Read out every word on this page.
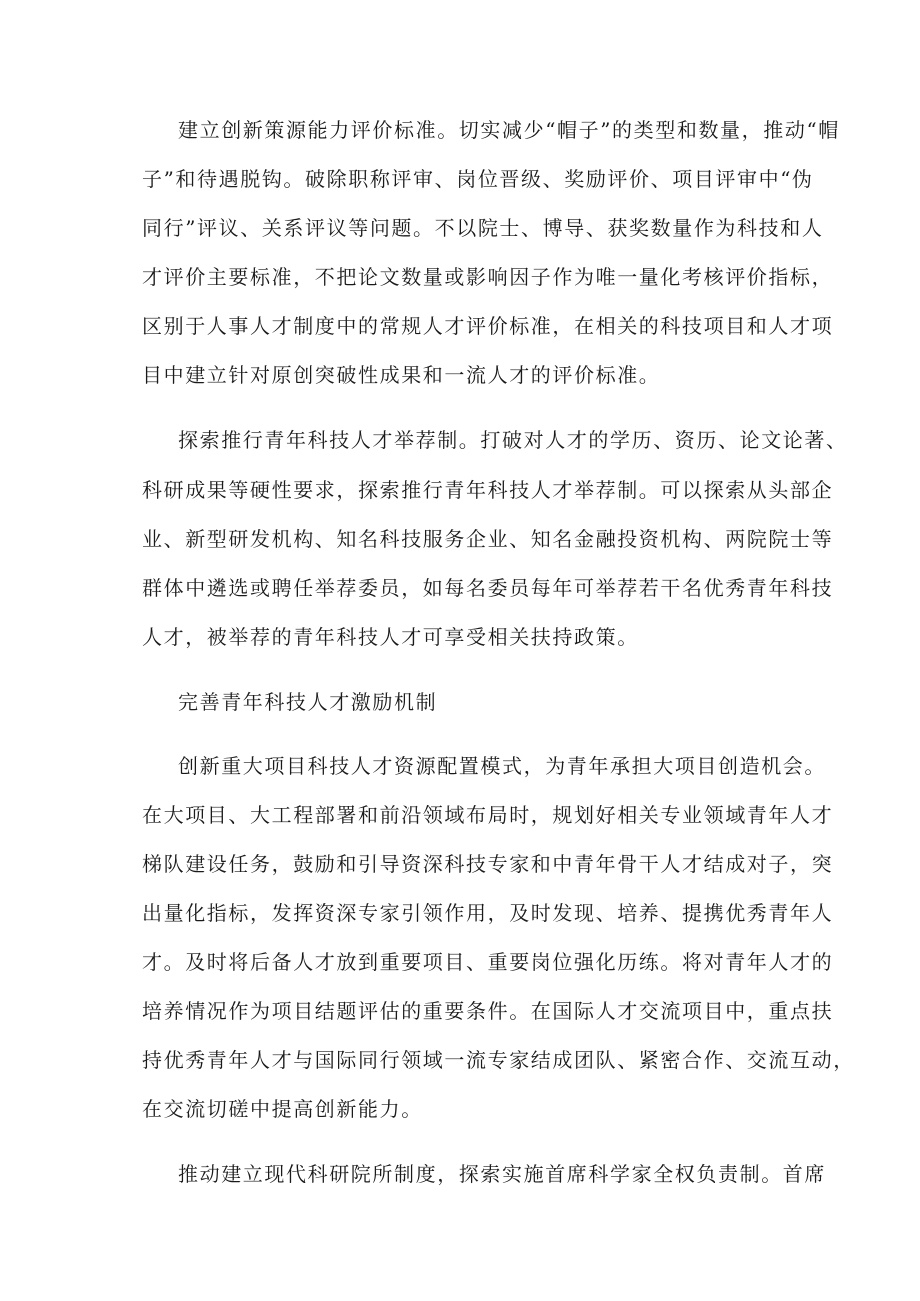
建立创新策源能力评价标准。切实减少“帽子”的类型和数量，推动“帽
子”和待遇脱钩。破除职称评审、岗位晋级、奖励评价、项目评审中“伪
同行”评议、关系评议等问题。不以院士、博导、获奖数量作为科技和人
才评价主要标准，不把论文数量或影响因子作为唯一量化考核评价指标，
区别于人事人才制度中的常规人才评价标准，在相关的科技项目和人才项
目中建立针对原创突破性成果和一流人才的评价标准。
探索推行青年科技人才举荐制。打破对人才的学历、资历、论文论著、
科研成果等硬性要求，探索推行青年科技人才举荐制。可以探索从头部企
业、新型研发机构、知名科技服务企业、知名金融投资机构、两院院士等
群体中遴选或聘任举荐委员，如每名委员每年可举荐若干名优秀青年科技
人才，被举荐的青年科技人才可享受相关扶持政策。
完善青年科技人才激励机制
创新重大项目科技人才资源配置模式，为青年承担大项目创造机会。
在大项目、大工程部署和前沿领域布局时，规划好相关专业领域青年人才
梯队建设任务，鼓励和引导资深科技专家和中青年骨干人才结成对子，突
出量化指标，发挥资深专家引领作用，及时发现、培养、提携优秀青年人
才。及时将后备人才放到重要项目、重要岗位强化历练。将对青年人才的
培养情况作为项目结题评估的重要条件。在国际人才交流项目中，重点扶
持优秀青年人才与国际同行领域一流专家结成团队、紧密合作、交流互动，
在交流切磋中提高创新能力。
推动建立现代科研院所制度，探索实施首席科学家全权负责制。首席
